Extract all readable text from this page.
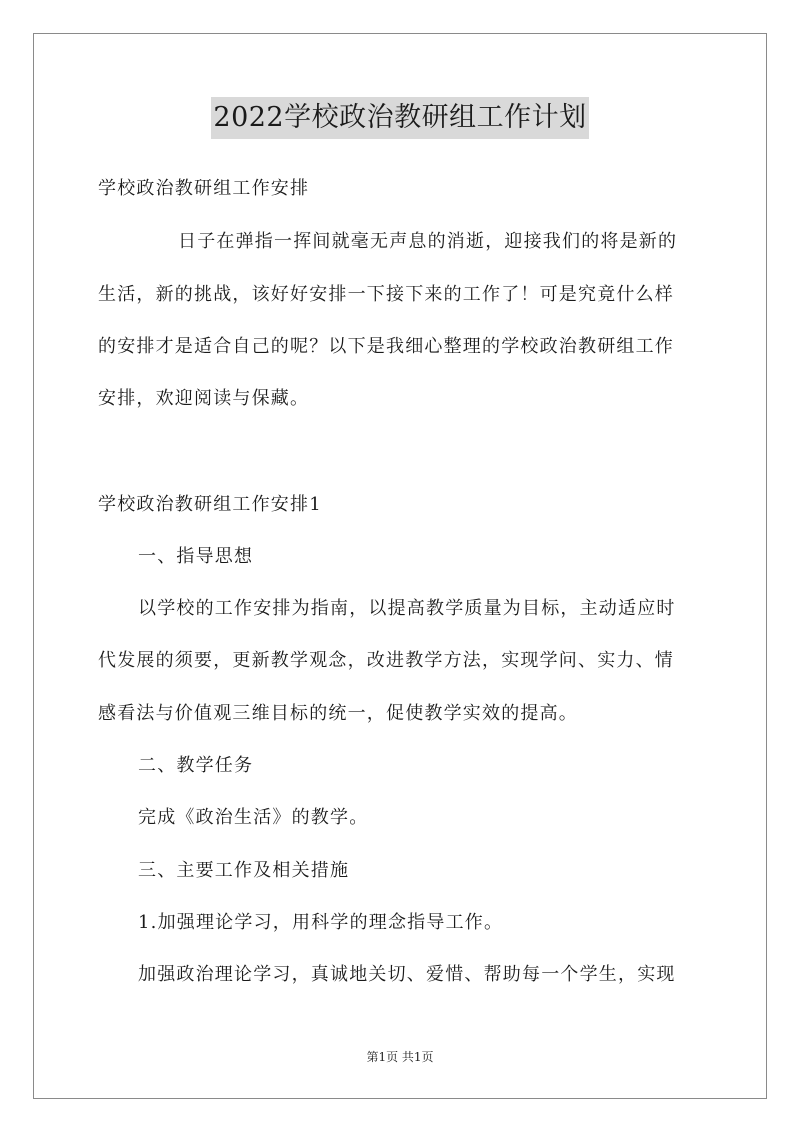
2022学校政治教研组工作计划
学校政治教研组工作安排
日子在弹指一挥间就毫无声息的消逝，迎接我们的将是新的
生活，新的挑战，该好好安排一下接下来的工作了！可是究竟什么样
的安排才是适合自己的呢？以下是我细心整理的学校政治教研组工作
安排，欢迎阅读与保藏。
学校政治教研组工作安排1
一、指导思想
以学校的工作安排为指南，以提高教学质量为目标，主动适应时
代发展的须要，更新教学观念，改进教学方法，实现学问、实力、情
感看法与价值观三维目标的统一，促使教学实效的提高。
二、教学任务
完成《政治生活》的教学。
三、主要工作及相关措施
1.加强理论学习，用科学的理念指导工作。
加强政治理论学习，真诚地关切、爱惜、帮助每一个学生，实现
第1页 共1页
